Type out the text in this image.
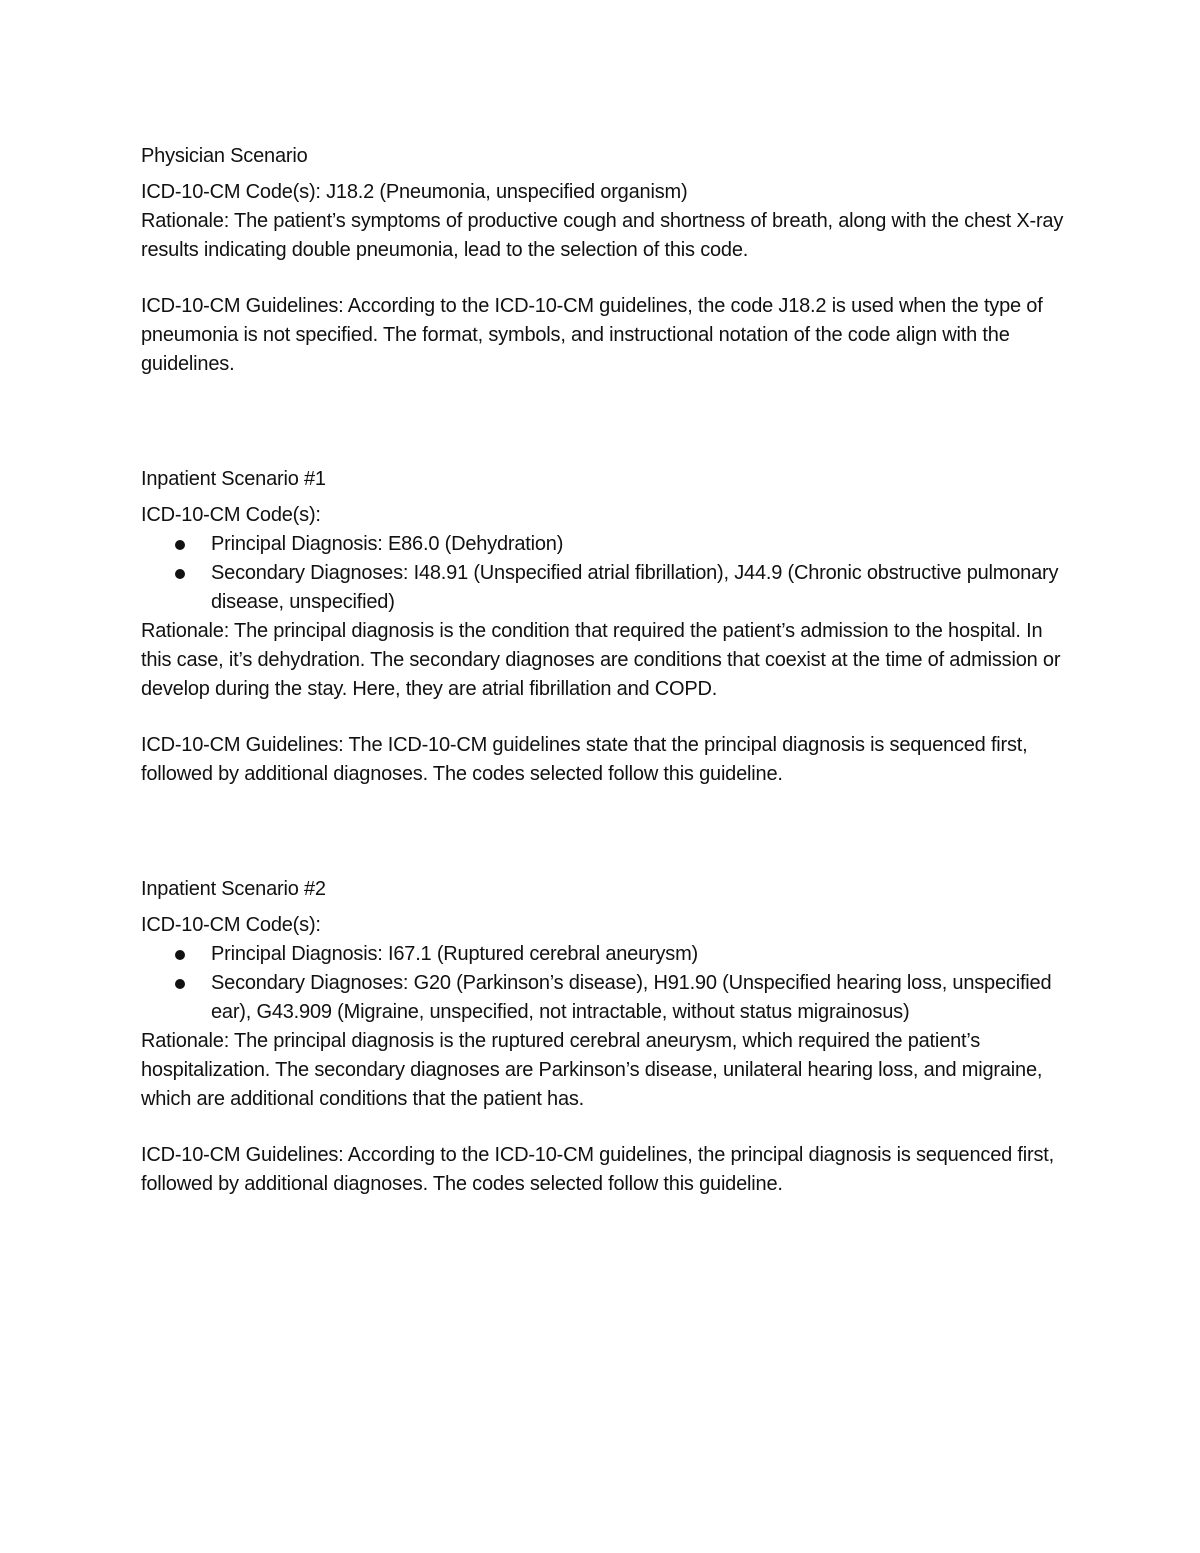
Physician Scenario

ICD-10-CM Code(s): J18.2 (Pneumonia, unspecified organism)

Rationale: The patient’s symptoms of productive cough and shortness of breath, along with the chest X-ray results indicating double pneumonia, lead to the selection of this code.

ICD-10-CM Guidelines: According to the ICD-10-CM guidelines, the code J18.2 is used when the type of pneumonia is not specified. The format, symbols, and instructional notation of the code align with the guidelines.

Inpatient Scenario #1

ICD-10-CM Code(s):

Principal Diagnosis: E86.0 (Dehydration)
Secondary Diagnoses: I48.91 (Unspecified atrial fibrillation), J44.9 (Chronic obstructive pulmonary disease, unspecified)

Rationale: The principal diagnosis is the condition that required the patient’s admission to the hospital. In this case, it’s dehydration. The secondary diagnoses are conditions that coexist at the time of admission or develop during the stay. Here, they are atrial fibrillation and COPD.

ICD-10-CM Guidelines: The ICD-10-CM guidelines state that the principal diagnosis is sequenced first, followed by additional diagnoses. The codes selected follow this guideline.

Inpatient Scenario #2

ICD-10-CM Code(s):

Principal Diagnosis: I67.1 (Ruptured cerebral aneurysm)
Secondary Diagnoses: G20 (Parkinson’s disease), H91.90 (Unspecified hearing loss, unspecified ear), G43.909 (Migraine, unspecified, not intractable, without status migrainosus)

Rationale: The principal diagnosis is the ruptured cerebral aneurysm, which required the patient’s hospitalization. The secondary diagnoses are Parkinson’s disease, unilateral hearing loss, and migraine, which are additional conditions that the patient has.

ICD-10-CM Guidelines: According to the ICD-10-CM guidelines, the principal diagnosis is sequenced first, followed by additional diagnoses. The codes selected follow this guideline.
